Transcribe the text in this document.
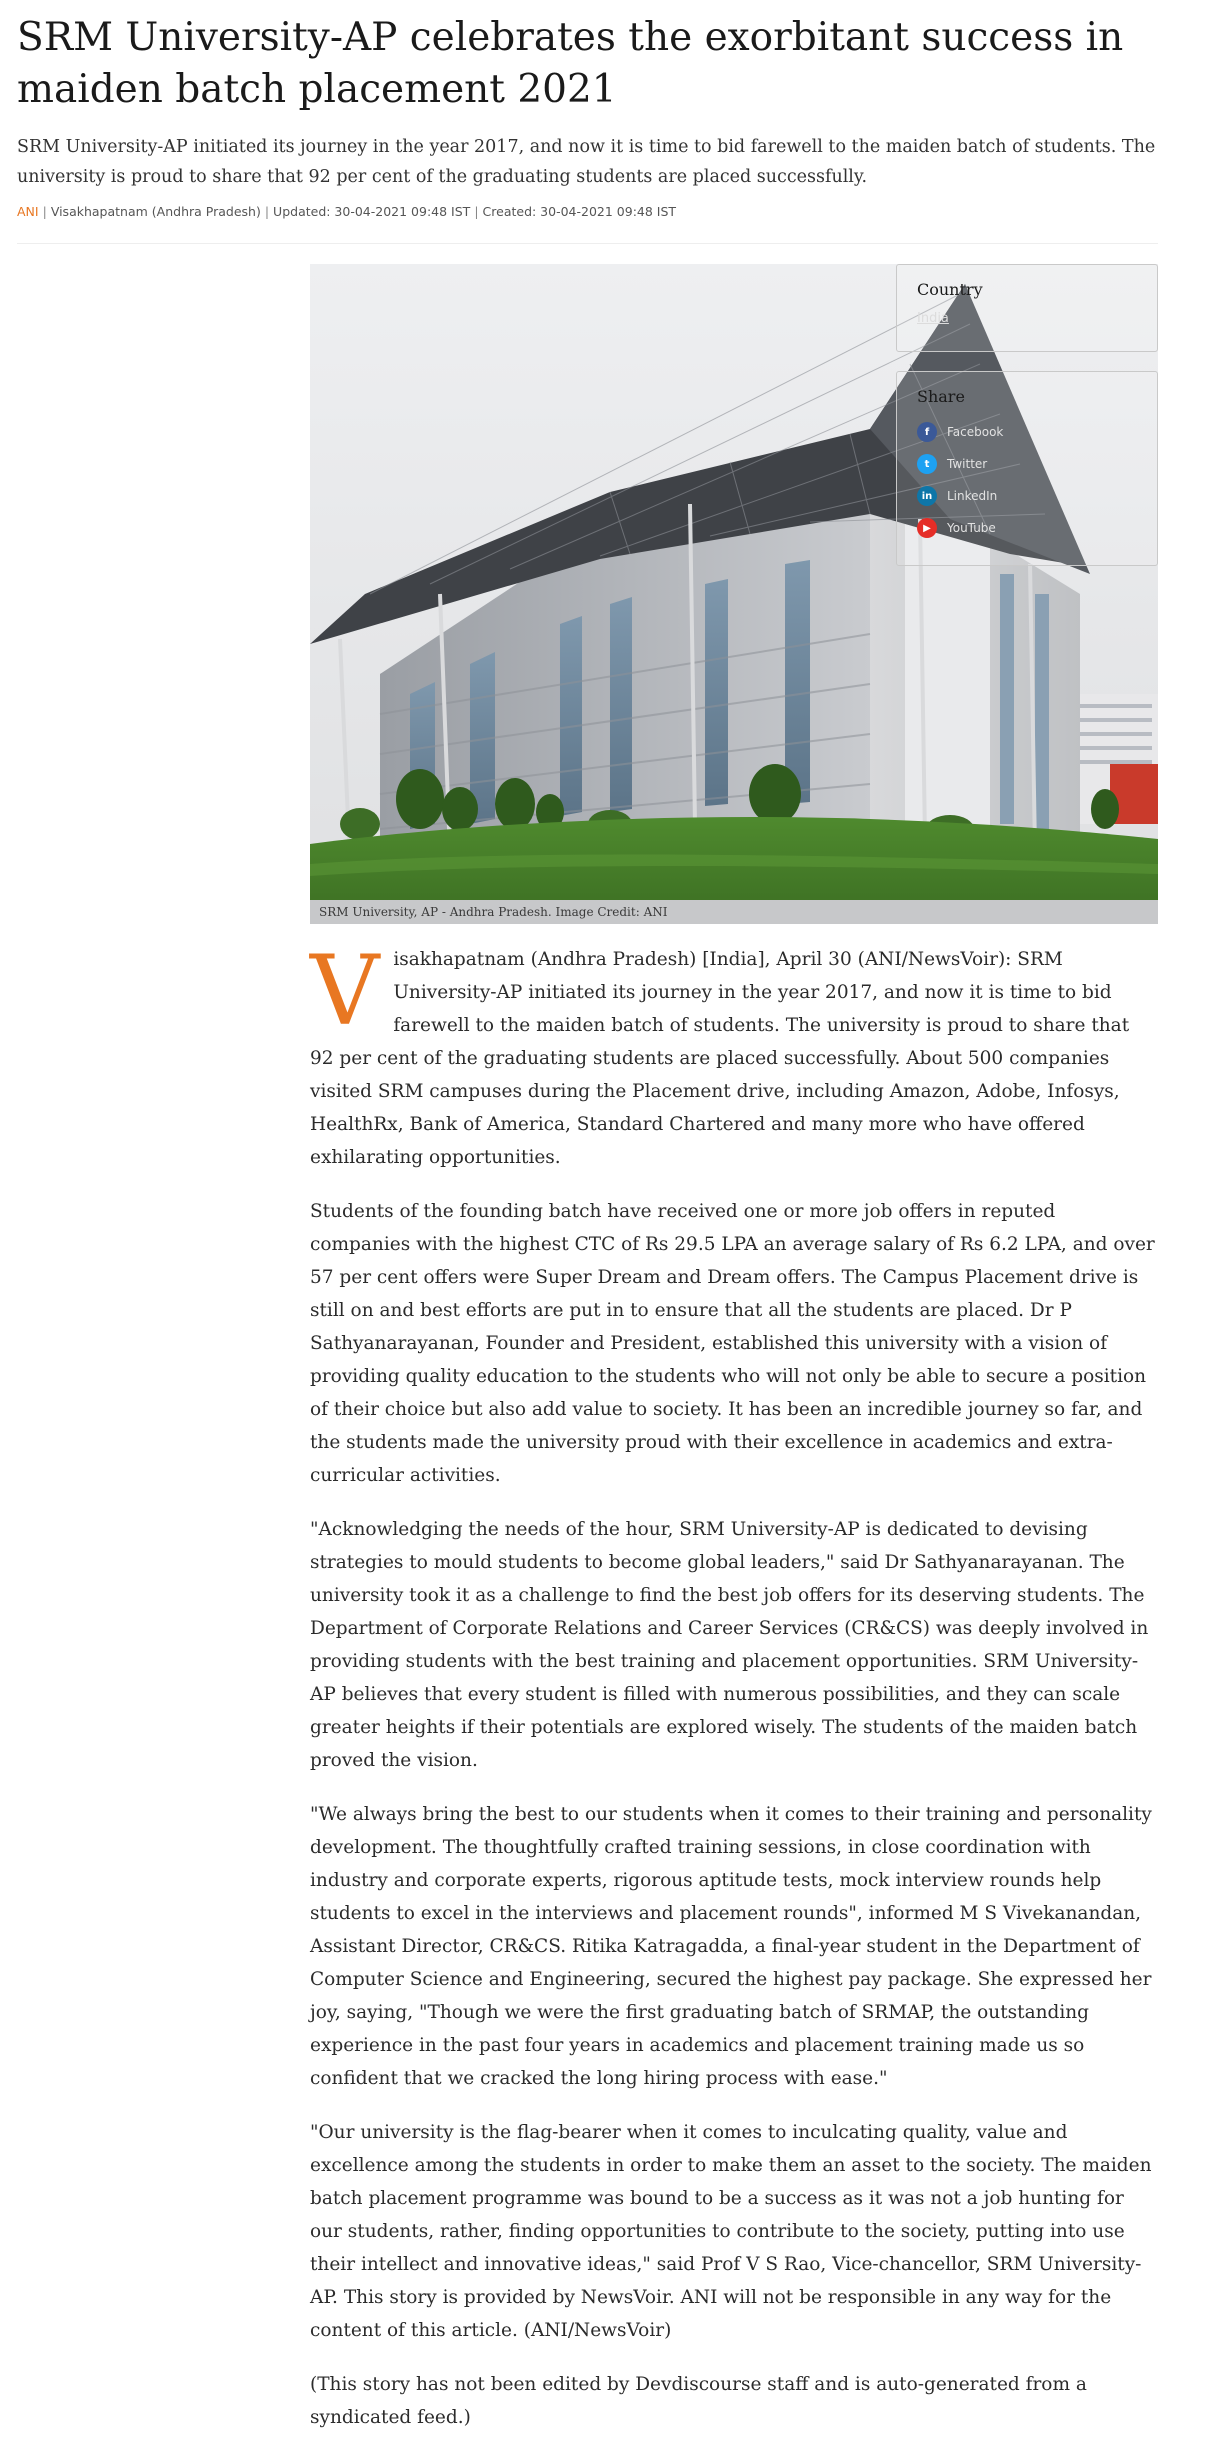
SRM University-AP celebrates the exorbitant success in maiden batch placement 2021

SRM University-AP initiated its journey in the year 2017, and now it is time to bid farewell to the maiden batch of students. The university is proud to share that 92 per cent of the graduating students are placed successfully.

ANI | Visakhapatnam (Andhra Pradesh) | Updated: 30-04-2021 09:48 IST | Created: 30-04-2021 09:48 IST
SRM University, AP - Andhra Pradesh. Image Credit: ANI
Country
India
Share
f	Facebook
t	Twitter
in	LinkedIn
▶	YouTube

Visakhapatnam (Andhra Pradesh) [India], April 30 (ANI/NewsVoir): SRM University-AP initiated its journey in the year 2017, and now it is time to bid farewell to the maiden batch of students. The university is proud to share that 92 per cent of the graduating students are placed successfully. About 500 companies visited SRM campuses during the Placement drive, including Amazon, Adobe, Infosys, HealthRx, Bank of America, Standard Chartered and many more who have offered exhilarating opportunities.

Students of the founding batch have received one or more job offers in reputed companies with the highest CTC of Rs 29.5 LPA an average salary of Rs 6.2 LPA, and over 57 per cent offers were Super Dream and Dream offers. The Campus Placement drive is still on and best efforts are put in to ensure that all the students are placed. Dr P Sathyanarayanan, Founder and President, established this university with a vision of providing quality education to the students who will not only be able to secure a position of their choice but also add value to society. It has been an incredible journey so far, and the students made the university proud with their excellence in academics and extra-curricular activities.

"Acknowledging the needs of the hour, SRM University-AP is dedicated to devising strategies to mould students to become global leaders," said Dr Sathyanarayanan. The university took it as a challenge to find the best job offers for its deserving students. The Department of Corporate Relations and Career Services (CR&CS) was deeply involved in providing students with the best training and placement opportunities. SRM University-AP believes that every student is filled with numerous possibilities, and they can scale greater heights if their potentials are explored wisely. The students of the maiden batch proved the vision.

"We always bring the best to our students when it comes to their training and personality development. The thoughtfully crafted training sessions, in close coordination with industry and corporate experts, rigorous aptitude tests, mock interview rounds help students to excel in the interviews and placement rounds", informed M S Vivekanandan, Assistant Director, CR&CS. Ritika Katragadda, a final-year student in the Department of Computer Science and Engineering, secured the highest pay package. She expressed her joy, saying, "Though we were the first graduating batch of SRMAP, the outstanding experience in the past four years in academics and placement training made us so confident that we cracked the long hiring process with ease."

"Our university is the flag-bearer when it comes to inculcating quality, value and excellence among the students in order to make them an asset to the society. The maiden batch placement programme was bound to be a success as it was not a job hunting for our students, rather, finding opportunities to contribute to the society, putting into use their intellect and innovative ideas," said Prof V S Rao, Vice-chancellor, SRM University-AP. This story is provided by NewsVoir. ANI will not be responsible in any way for the content of this article. (ANI/NewsVoir)

(This story has not been edited by Devdiscourse staff and is auto-generated from a syndicated feed.)
